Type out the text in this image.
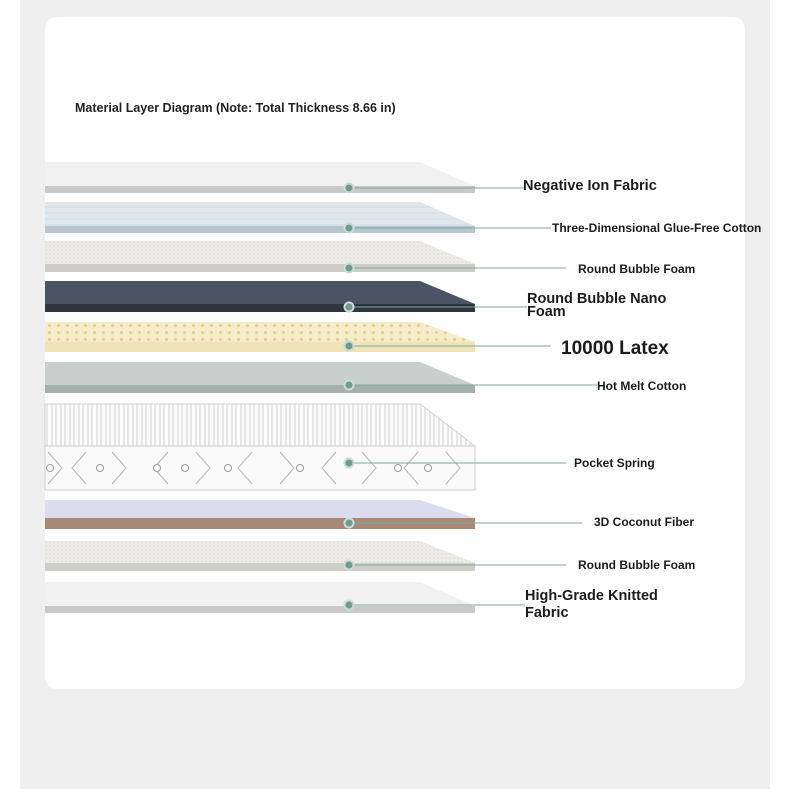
Material Layer Diagram (Note: Total Thickness 8.66 in)
Negative Ion Fabric
Three-Dimensional Glue-Free Cotton
Round Bubble Foam
Round Bubble Nano Foam
10000 Latex
Hot Melt Cotton
Pocket Spring
3D Coconut Fiber
Round Bubble Foam
High-Grade Knitted Fabric
